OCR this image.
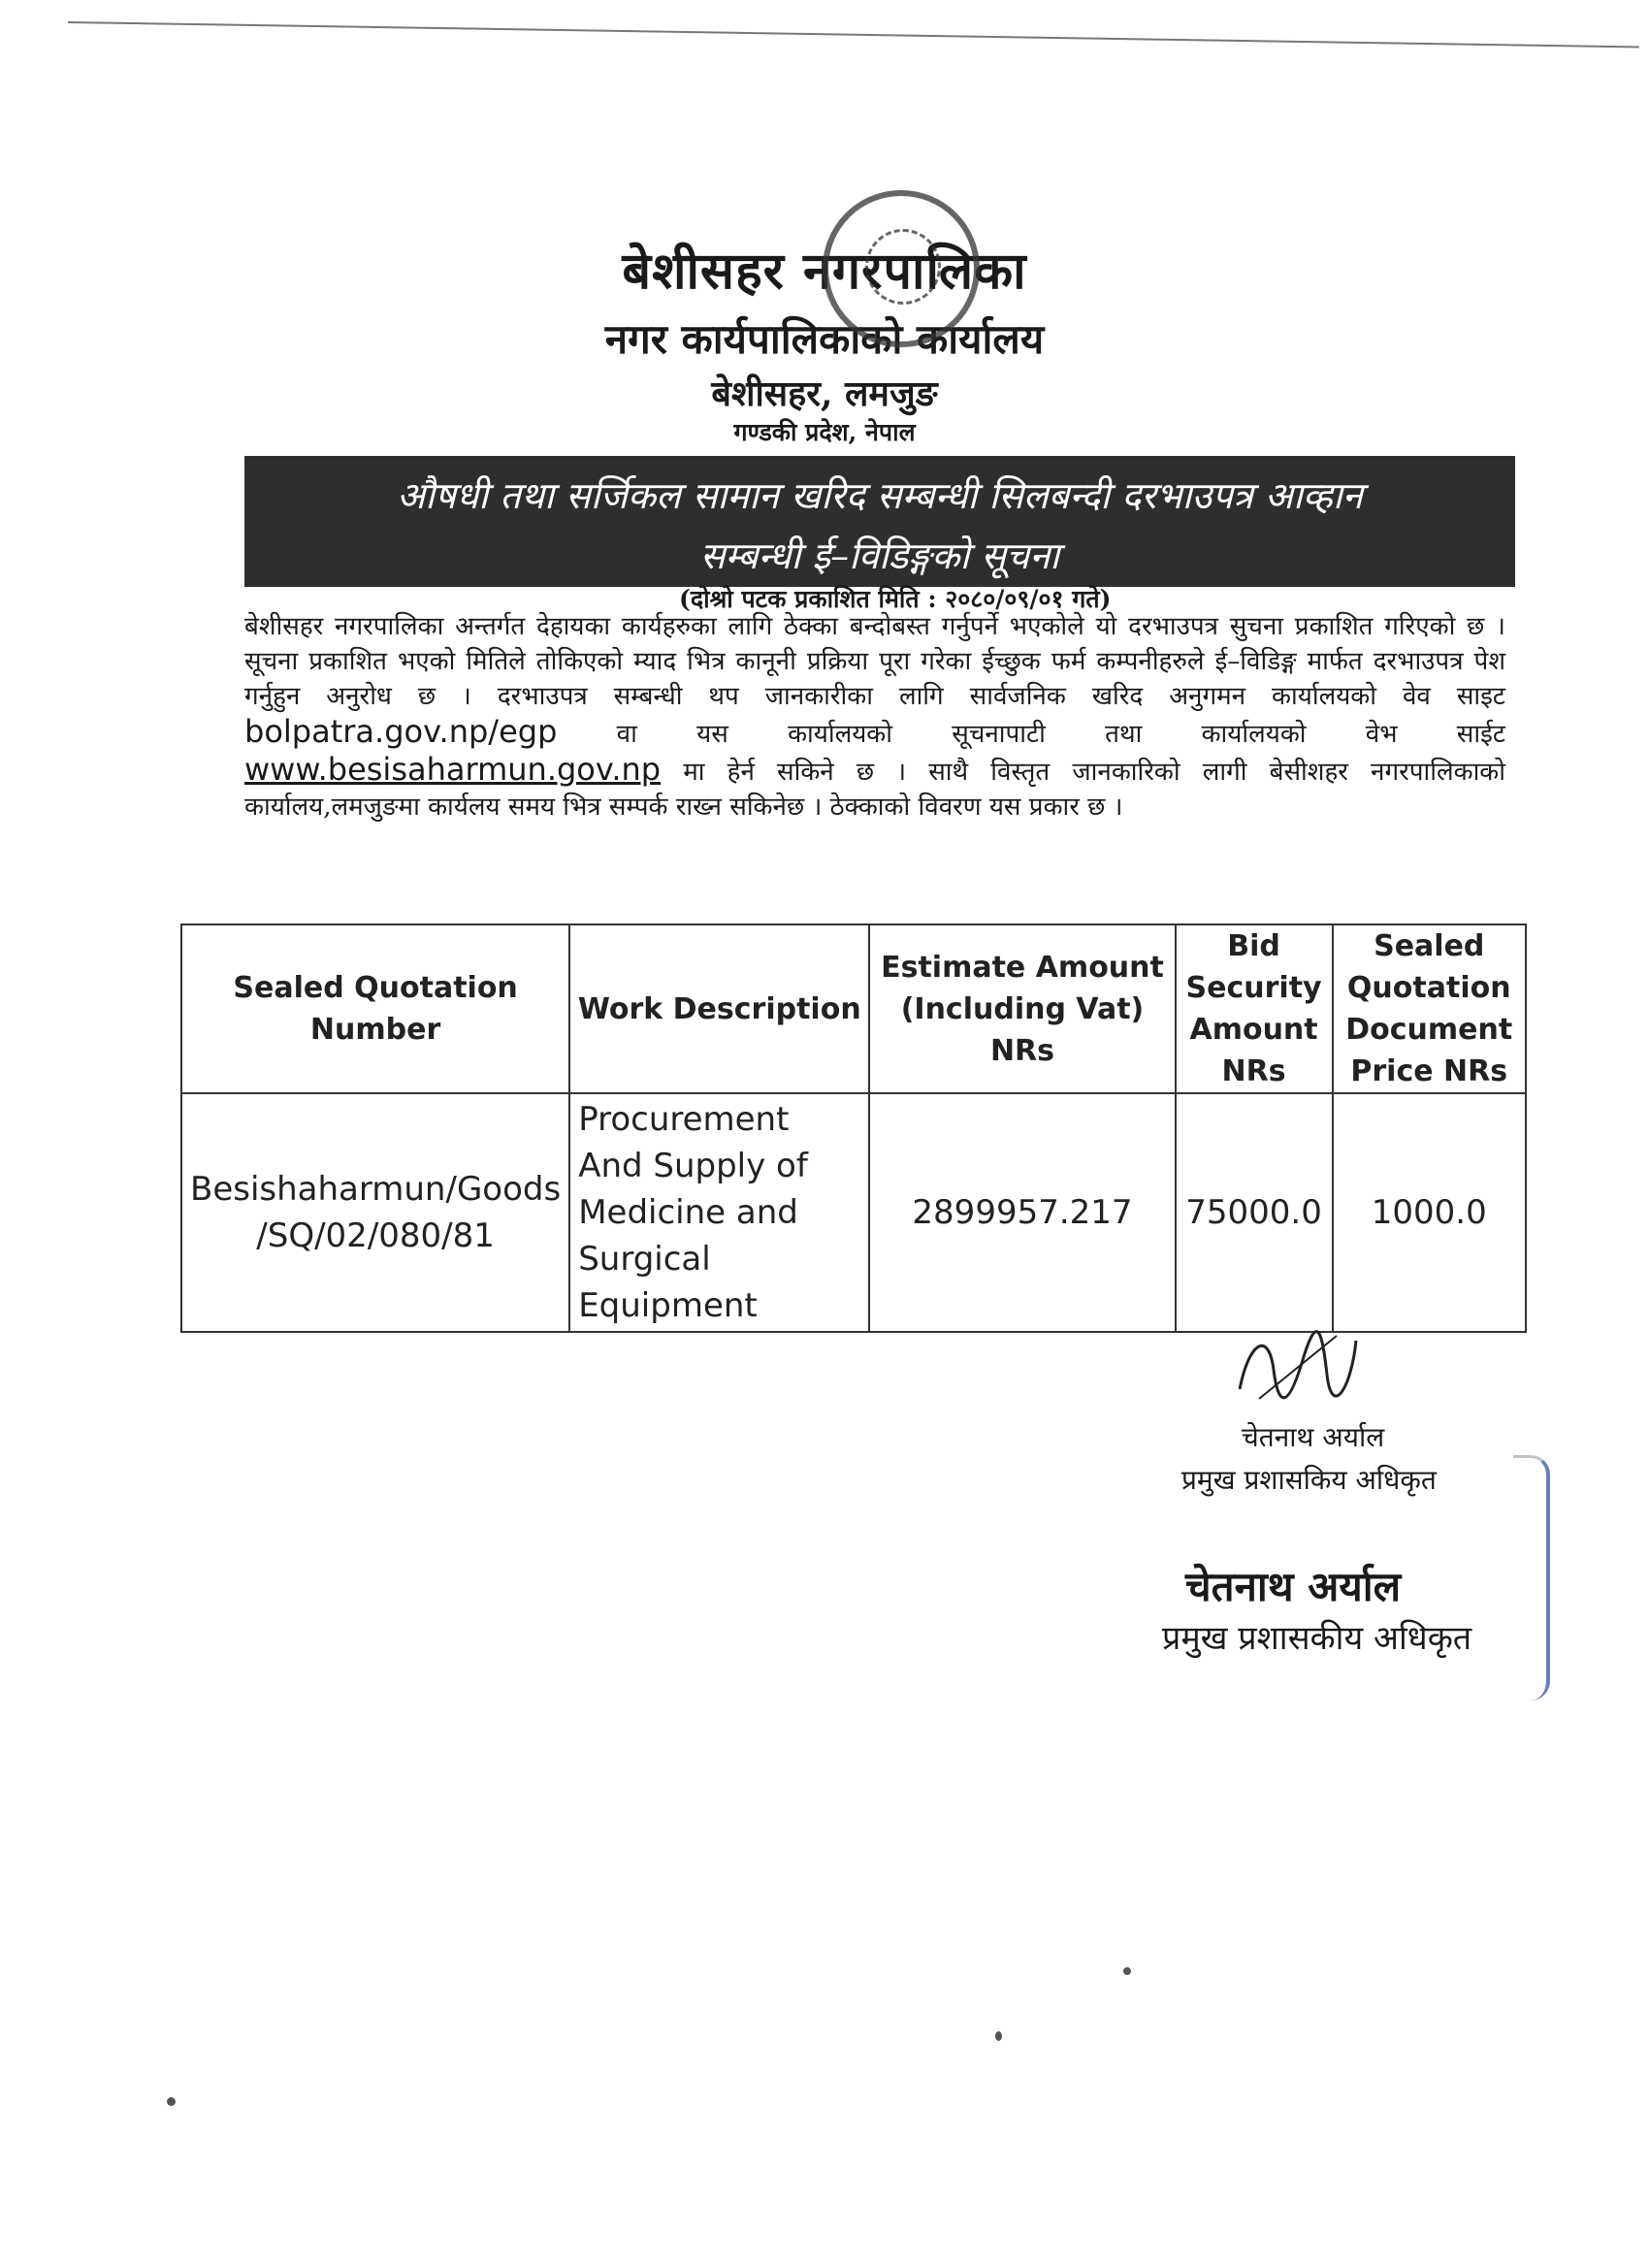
बेशीसहर नगरपालिका
नगर कार्यपालिकाको कार्यालय
बेशीसहर, लमजुङ
गण्डकी प्रदेश, नेपाल
औषधी तथा सर्जिकल सामान खरिद सम्बन्धी सिलबन्दी दरभाउपत्र आव्हान
सम्बन्धी ई–विडिङ्गको सूचना
(दोश्रो पटक प्रकाशित मिति : २०८०/०९/०१ गते)
बेशीसहर नगरपालिका अन्तर्गत देहायका कार्यहरुका लागि ठेक्का बन्दोबस्त गर्नुपर्ने भएकोले यो दरभाउपत्र सुचना प्रकाशित गरिएको छ । सूचना प्रकाशित भएको मितिले तोकिएको म्याद भित्र कानूनी प्रक्रिया पूरा गरेका ईच्छुक फर्म कम्पनीहरुले ई–विडिङ्ग मार्फत दरभाउपत्र पेश गर्नुहुन अनुरोध छ । दरभाउपत्र सम्बन्धी थप जानकारीका लागि सार्वजनिक खरिद अनुगमन कार्यालयको वेव साइट bolpatra.gov.np/egp वा यस कार्यालयको सूचनापाटी तथा कार्यालयको वेभ साईट www.besisaharmun.gov.np मा हेर्न सकिने छ । साथै विस्तृत जानकारिको लागी बेसीशहर नगरपालिकाको कार्यालय,लमजुङमा कार्यलय समय भित्र सम्पर्क राख्न सकिनेछ । ठेक्काको विवरण यस प्रकार छ ।
Sealed Quotation Number	Work Description	Estimate Amount (Including Vat) NRs	Bid Security Amount NRs	Sealed Quotation Document Price NRs
Besishaharmun/Goods /SQ/02/080/81	Procurement And Supply of Medicine and Surgical Equipment	2899957.217	75000.0	1000.0
चेतनाथ अर्याल
प्रमुख प्रशासकिय अधिकृत
चेतनाथ अर्याल
प्रमुख प्रशासकीय अधिकृत
